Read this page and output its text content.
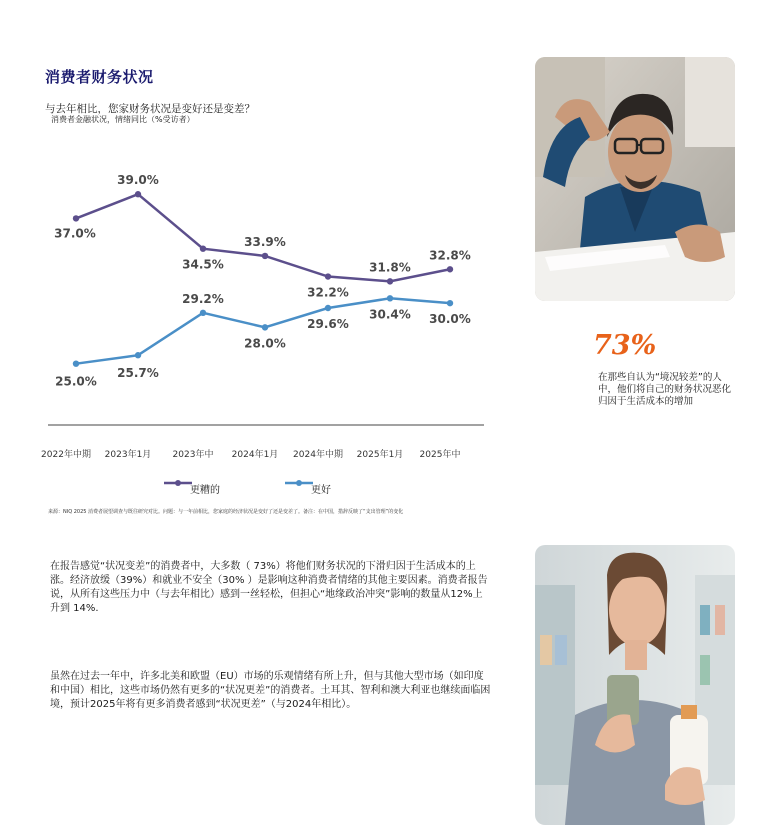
消费者财务状况
与去年相比，您家财务状况是变好还是变差？
消费者金融状况，情绪同比（%受访者）
37.0%
39.0%
34.5%
33.9%
32.2%
31.8%
32.8%
25.0%
25.7%
29.2%
28.0%
29.6%
30.4% 30.0%
2022年中期 2023年1月 2023年中 2024年1月 2024年中期 2025年1月 2025年中
更糟的	更好
来源：NIQ 2025 消费者展望调查与既往研究对比。问题：与一年前相比，您家庭的经济状况是变好了还是变差了。备注：在中国，措辞反映了“支出管理”的变化
73%
在那些自认为“境况较差”的人中，他们将自己的财务状况恶化归因于生活成本的增加
在报告感觉“状况变差”的消费者中，大多数（ 73%）将他们财务状况的下滑归因于生活成本的上涨。经济放缓（39%）和就业不安全（30% ）是影响这种消费者情绪的其他主要因素。消费者报告说，从所有这些压力中（与去年相比）感到一丝轻松，但担心“地缘政治冲突”影响的数量从12%上升到 14%.
虽然在过去一年中，许多北美和欧盟（EU）市场的乐观情绪有所上升，但与其他大型市场（如印度和中国）相比，这些市场仍然有更多的“状况更差”的消费者。土耳其、智利和澳大利亚也继续面临困境，预计2025年将有更多消费者感到“状况更差”（与2024年相比）。
